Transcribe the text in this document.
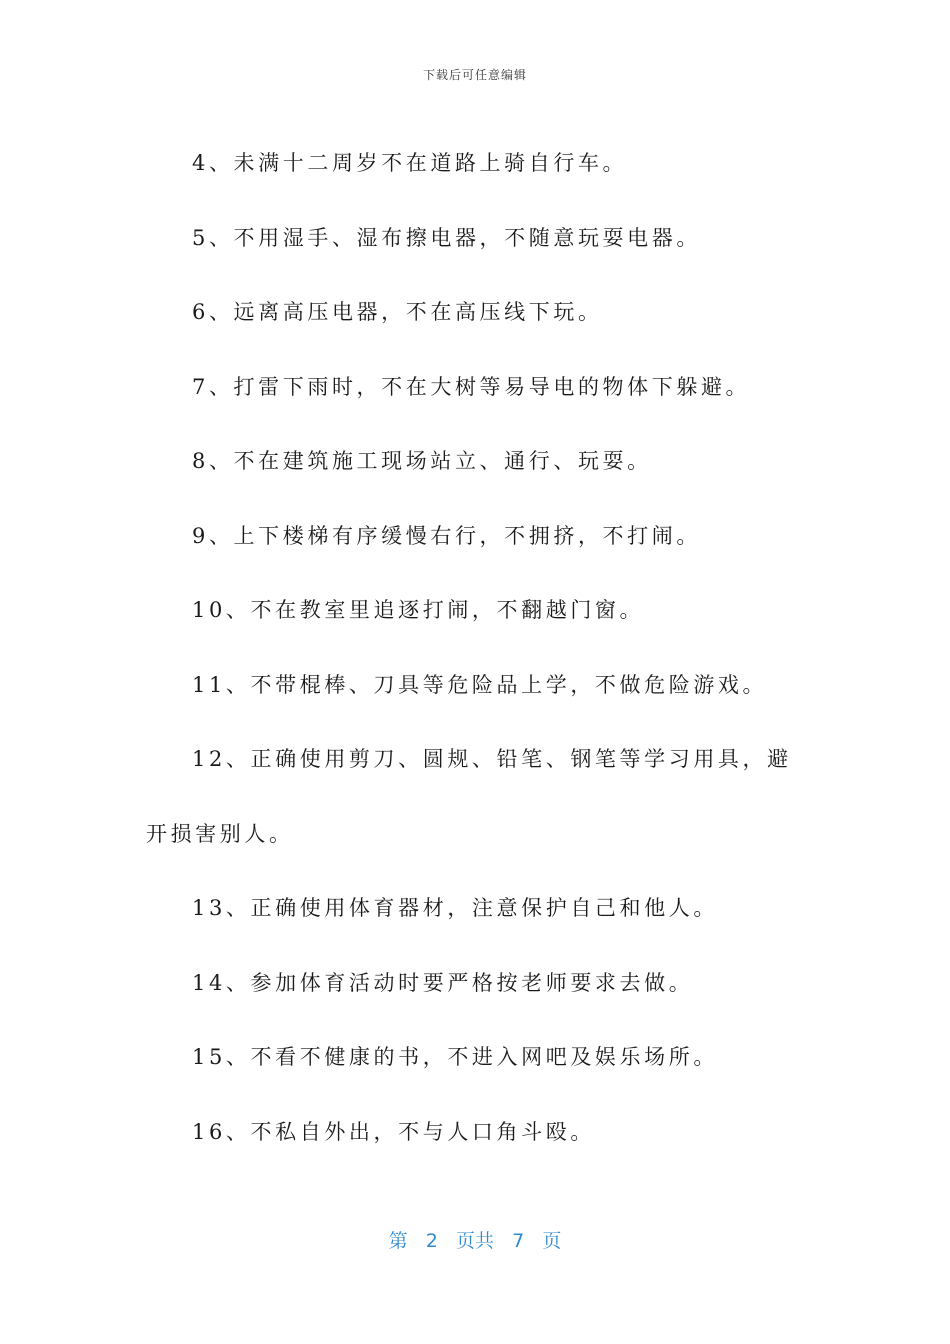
下载后可任意编辑

4、未满十二周岁不在道路上骑自行车。

5、不用湿手、湿布擦电器，不随意玩耍电器。

6、远离高压电器，不在高压线下玩。

7、打雷下雨时，不在大树等易导电的物体下躲避。

8、不在建筑施工现场站立、通行、玩耍。

9、上下楼梯有序缓慢右行，不拥挤，不打闹。

10、不在教室里追逐打闹，不翻越门窗。

11、不带棍棒、刀具等危险品上学，不做危险游戏。

12、正确使用剪刀、圆规、铅笔、钢笔等学习用具，避开损害别人。

13、正确使用体育器材，注意保护自己和他人。

14、参加体育活动时要严格按老师要求去做。

15、不看不健康的书，不进入网吧及娱乐场所。

16、不私自外出，不与人口角斗殴。

第 2 页共 7 页
